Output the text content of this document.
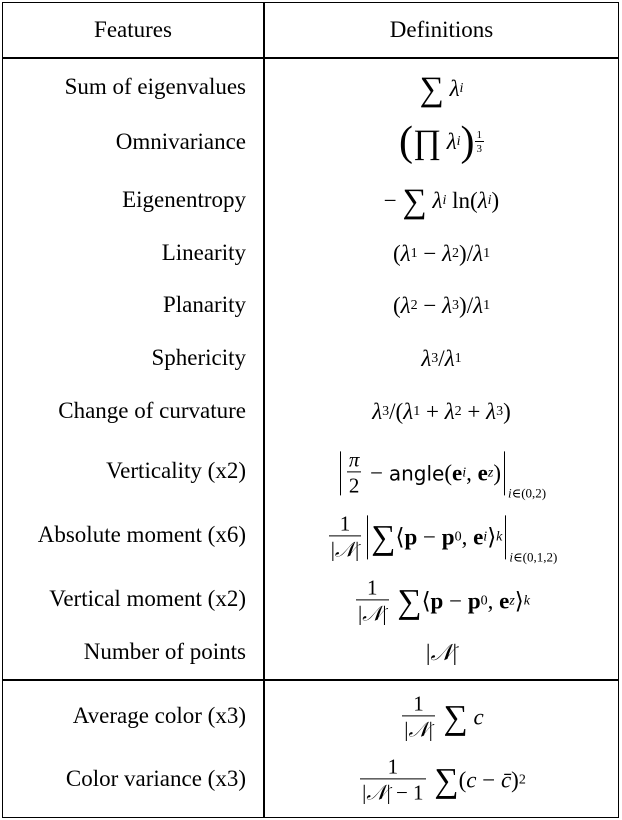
Features	Definitions
Sum of eigenvalues
Omnivariance
Eigenentropy
Linearity
Planarity
Sphericity
Change of curvature
Verticality (x2)
Absolute moment (x6)
Vertical moment (x2)
Number of points
Average color (x3)
Color variance (x3)
∑
λ i
( ∏
λ i ) $\frac{1}{3}$
− ∑
λ i ln( λ i )
( λ 1 − λ 2 )/ λ 1
( λ 2 − λ 3 )/ λ 1
λ 3 / λ 1
λ 3 /( λ 1 + λ 2 + λ 3 )
$\frac{\pi}{2}$ − angle ( e i , e z )
i∈(0,2)
$\frac{1}{\text{|𝒩|}}$ ∑ ⟨ p − p 0 , e i ⟩ k
i∈(0,1,2)
$\frac{1}{\text{|𝒩|}}$
∑ ⟨ p − p 0 , e z ⟩ k
| 𝒩 |
$\frac{1}{\text{|𝒩|}}$
∑
c
$\frac{1}{\text{|𝒩| − 1}}$
∑ ( c − c̄ ) 2
